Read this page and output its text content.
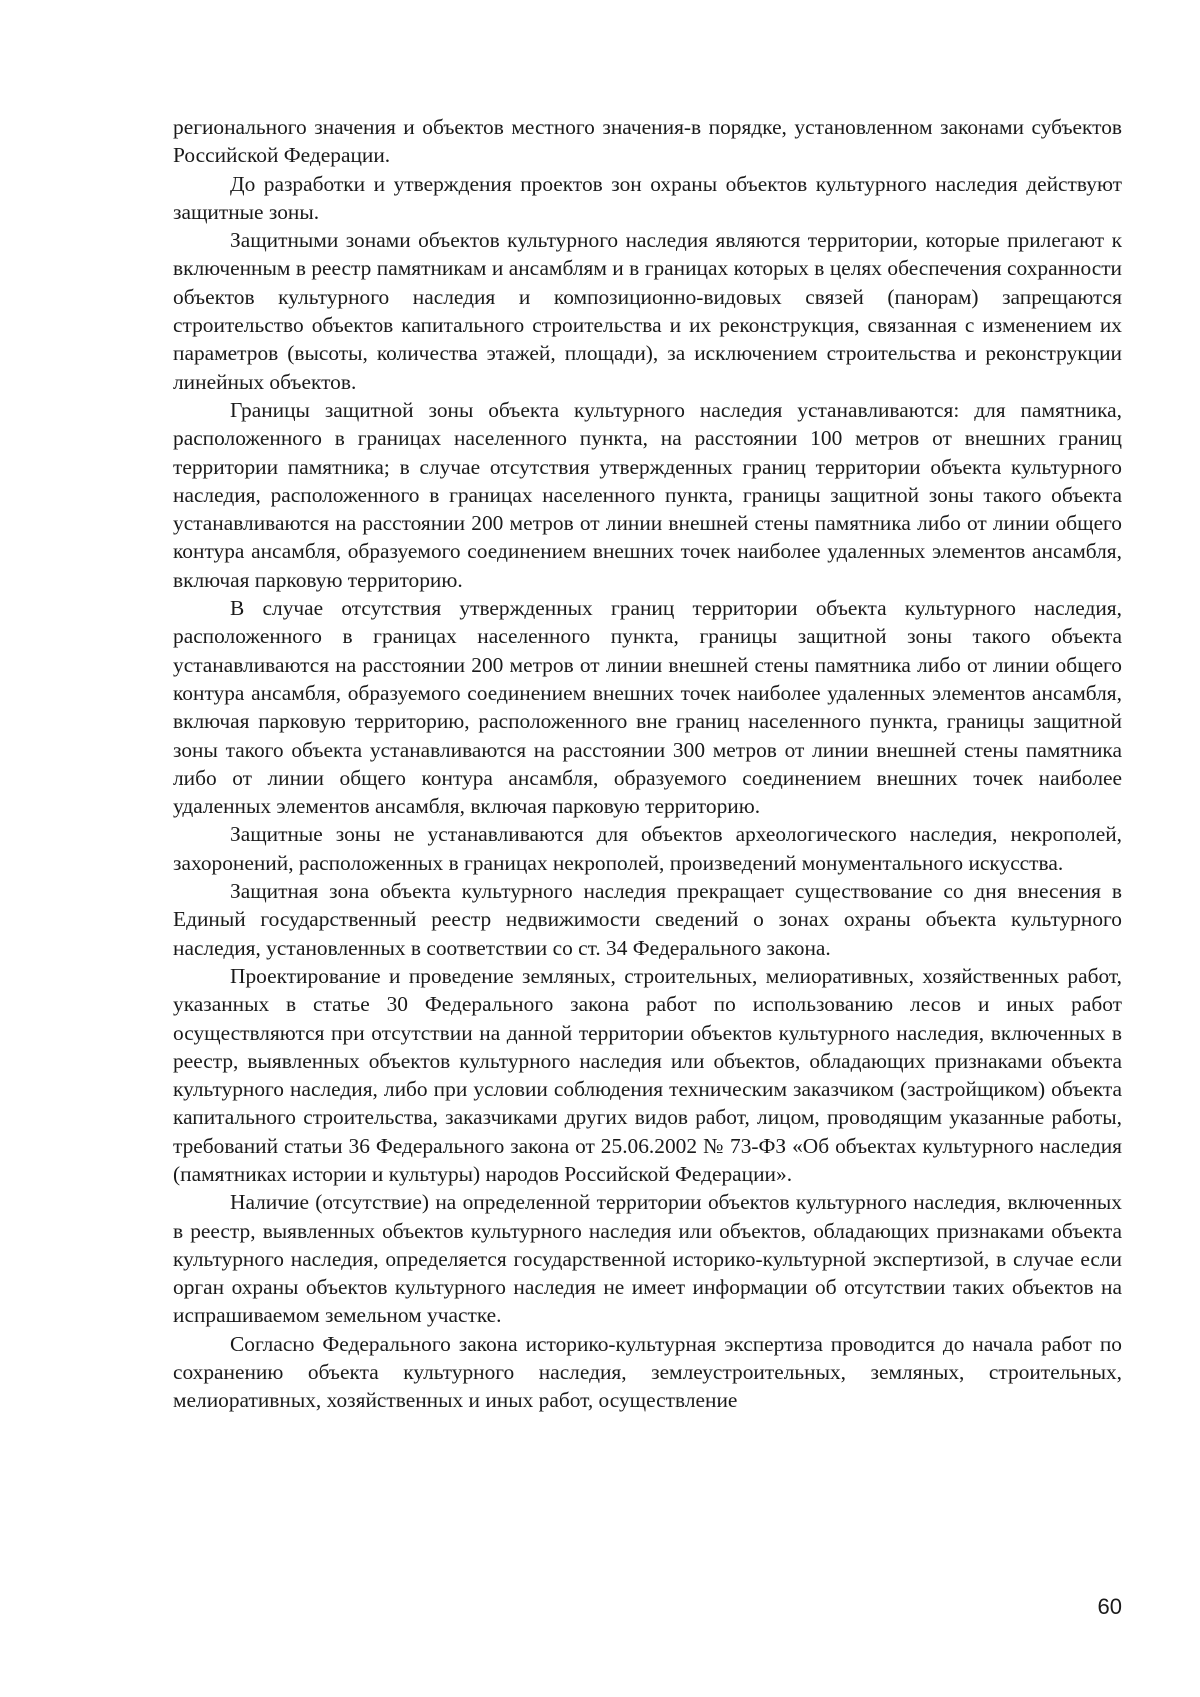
регионального значения и объектов местного значения-в порядке, установленном законами субъектов Российской Федерации.

До разработки и утверждения проектов зон охраны объектов культурного наследия действуют защитные зоны.

Защитными зонами объектов культурного наследия являются территории, которые прилегают к включенным в реестр памятникам и ансамблям и в границах которых в целях обеспечения сохранности объектов культурного наследия и композиционно-видовых связей (панорам) запрещаются строительство объектов капитального строительства и их реконструкция, связанная с изменением их параметров (высоты, количества этажей, площади), за исключением строительства и реконструкции линейных объектов.

Границы защитной зоны объекта культурного наследия устанавливаются: для памятника, расположенного в границах населенного пункта, на расстоянии 100 метров от внешних границ территории памятника; в случае отсутствия утвержденных границ территории объекта культурного наследия, расположенного в границах населенного пункта, границы защитной зоны такого объекта устанавливаются на расстоянии 200 метров от линии внешней стены памятника либо от линии общего контура ансамбля, образуемого соединением внешних точек наиболее удаленных элементов ансамбля, включая парковую территорию.

В случае отсутствия утвержденных границ территории объекта культурного наследия, расположенного в границах населенного пункта, границы защитной зоны такого объекта устанавливаются на расстоянии 200 метров от линии внешней стены памятника либо от линии общего контура ансамбля, образуемого соединением внешних точек наиболее удаленных элементов ансамбля, включая парковую территорию, расположенного вне границ населенного пункта, границы защитной зоны такого объекта устанавливаются на расстоянии 300 метров от линии внешней стены памятника либо от линии общего контура ансамбля, образуемого соединением внешних точек наиболее удаленных элементов ансамбля, включая парковую территорию.

Защитные зоны не устанавливаются для объектов археологического наследия, некрополей, захоронений, расположенных в границах некрополей, произведений монументального искусства.

Защитная зона объекта культурного наследия прекращает существование со дня внесения в Единый государственный реестр недвижимости сведений о зонах охраны объекта культурного наследия, установленных в соответствии со ст. 34 Федерального закона.

Проектирование и проведение земляных, строительных, мелиоративных, хозяйственных работ, указанных в статье 30 Федерального закона работ по использованию лесов и иных работ осуществляются при отсутствии на данной территории объектов культурного наследия, включенных в реестр, выявленных объектов культурного наследия или объектов, обладающих признаками объекта культурного наследия, либо при условии соблюдения техническим заказчиком (застройщиком) объекта капитального строительства, заказчиками других видов работ, лицом, проводящим указанные работы, требований статьи 36 Федерального закона от 25.06.2002 № 73-ФЗ «Об объектах культурного наследия (памятниках истории и культуры) народов Российской Федерации».

Наличие (отсутствие) на определенной территории объектов культурного наследия, включенных в реестр, выявленных объектов культурного наследия или объектов, обладающих признаками объекта культурного наследия, определяется государственной историко-культурной экспертизой, в случае если орган охраны объектов культурного наследия не имеет информации об отсутствии таких объектов на испрашиваемом земельном участке.

Согласно Федерального закона историко-культурная экспертиза проводится до начала работ по сохранению объекта культурного наследия, землеустроительных, земляных, строительных, мелиоративных, хозяйственных и иных работ, осуществление

60
